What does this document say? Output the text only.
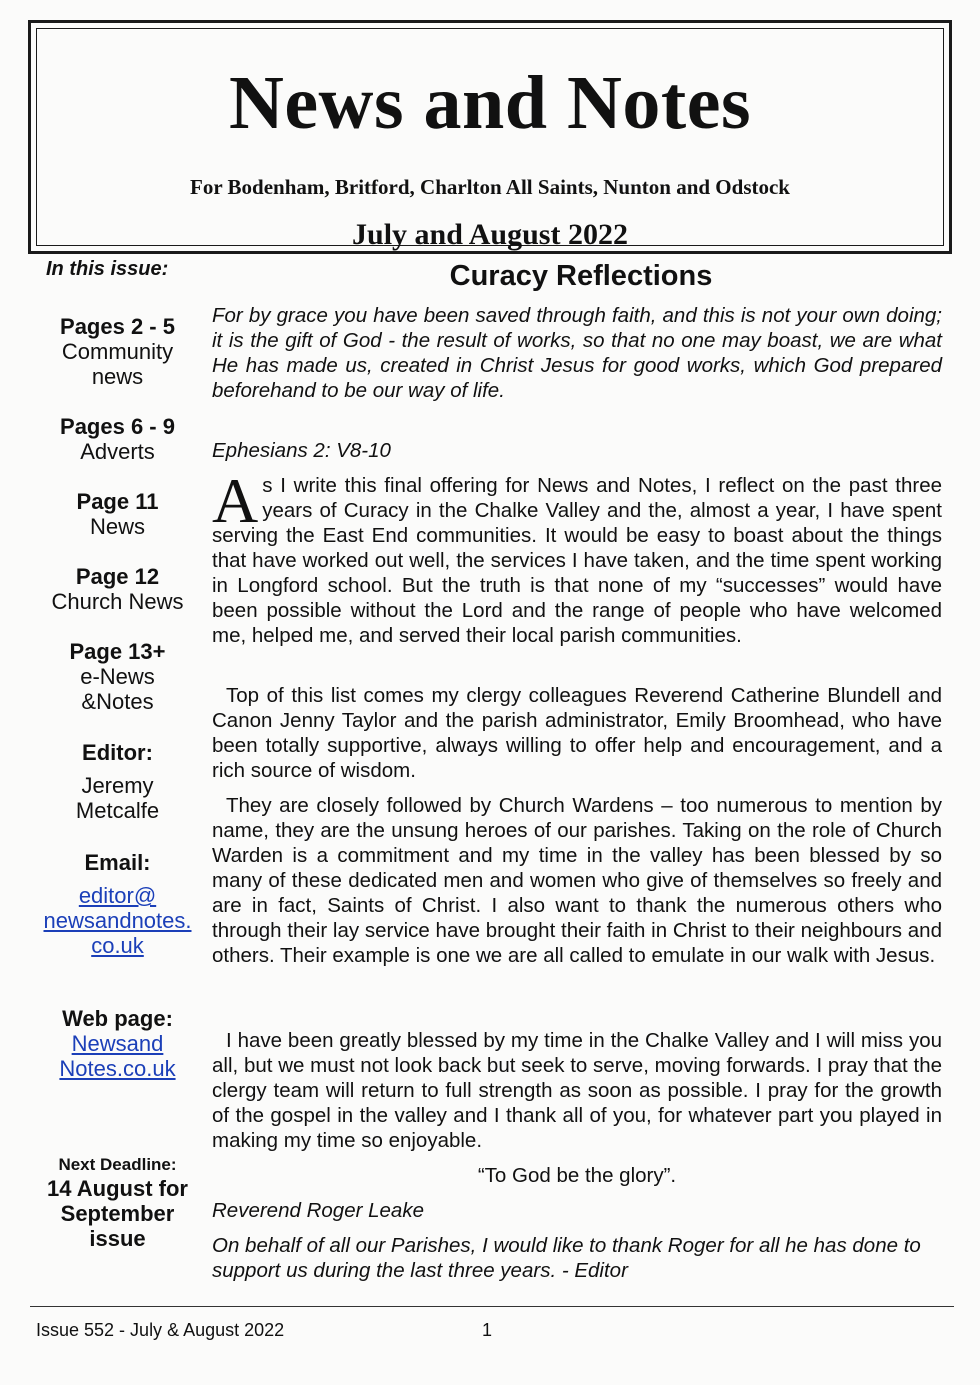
News and Notes
For Bodenham, Britford, Charlton All Saints, Nunton and Odstock
July and August 2022
In this issue:
Pages 2 - 5
Community
news
Pages 6 - 9
Adverts
Page 11
News
Page 12
Church News
Page 13+
e-News
&Notes
Editor:
Jeremy
Metcalfe
Email:
editor@
newsandnotes.
co.uk
Web page:
Newsand
Notes.co.uk
Next Deadline:
14 August for
September
issue
Curacy Reflections
For by grace you have been saved through faith, and this is not your own doing; it is the gift of God - the result of works, so that no one may boast, we are what He has made us, created in Christ Jesus for good works, which God prepared beforehand to be our way of life.
Ephesians 2: V8-10
As I write this final offering for News and Notes, I reflect on the past three years of Curacy in the Chalke Valley and the, almost a year, I have spent serving the East End communities. It would be easy to boast about the things that have worked out well, the services I have taken, and the time spent working in Longford school. But the truth is that none of my “successes” would have been possible without the Lord and the range of people who have welcomed me, helped me, and served their local parish communities.
Top of this list comes my clergy colleagues Reverend Catherine Blundell and Canon Jenny Taylor and the parish administrator, Emily Broomhead, who have been totally supportive, always willing to offer help and encouragement, and a rich source of wisdom.
They are closely followed by Church Wardens – too numerous to mention by name, they are the unsung heroes of our parishes. Taking on the role of Church Warden is a commitment and my time in the valley has been blessed by so many of these dedicated men and women who give of themselves so freely and are in fact, Saints of Christ. I also want to thank the numerous others who through their lay service have brought their faith in Christ to their neighbours and others. Their example is one we are all called to emulate in our walk with Jesus.
I have been greatly blessed by my time in the Chalke Valley and I will miss you all, but we must not look back but seek to serve, moving forwards. I pray that the clergy team will return to full strength as soon as possible. I pray for the growth of the gospel in the valley and I thank all of you, for whatever part you played in making my time so enjoyable.
“To God be the glory”.
Reverend Roger Leake
On behalf of all our Parishes, I would like to thank Roger for all he has done to support us during the last three years. - Editor
Issue 552 - July & August 2022	1
